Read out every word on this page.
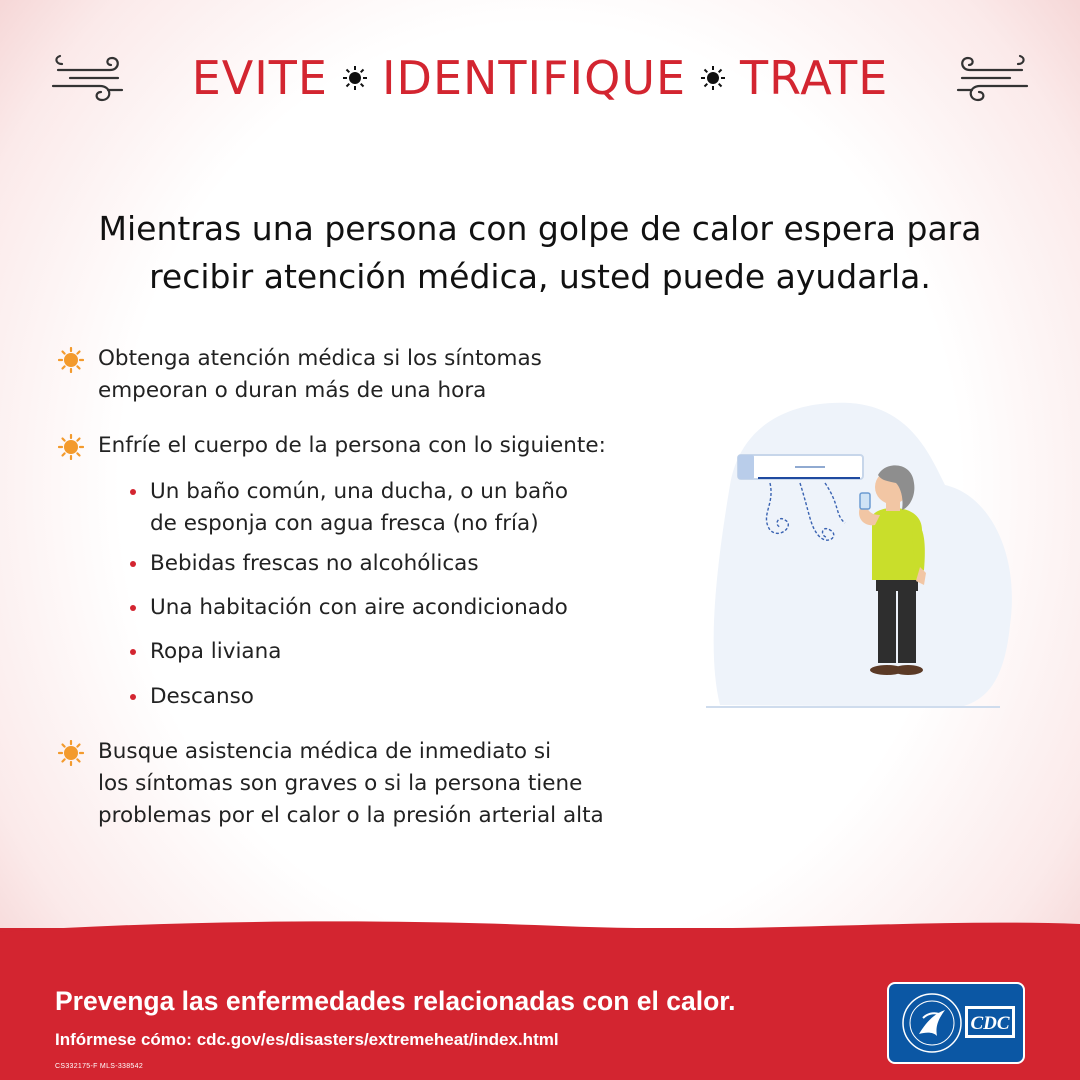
EVITE IDENTIFIQUE TRATE
Mientras una persona con golpe de calor espera para
recibir atención médica, usted puede ayudarla.
Obtenga atención médica si los síntomas
empeoran o duran más de una hora
Enfríe el cuerpo de la persona con lo siguiente:
Un baño común, una ducha, o un baño
de esponja con agua fresca (no fría)
Bebidas frescas no alcohólicas
Una habitación con aire acondicionado
Ropa liviana
Descanso
Busque asistencia médica de inmediato si
los síntomas son graves o si la persona tiene
problemas por el calor o la presión arterial alta
Prevenga las enfermedades relacionadas con el calor.
Infórmese cómo: cdc.gov/es/disasters/extremeheat/index.html
CS332175-F MLS-338542
CDC
